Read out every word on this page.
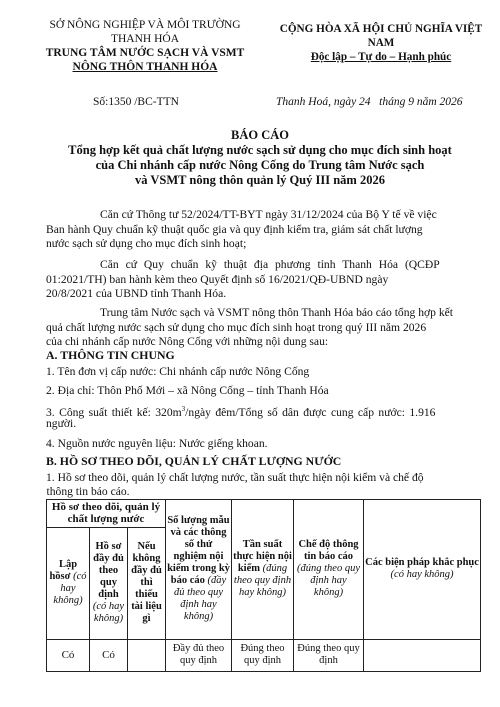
SỞ NÔNG NGHIỆP VÀ MÔI TRƯỜNG
THANH HÓA
TRUNG TÂM NƯỚC SẠCH VÀ VSMT
NÔNG THÔN THANH HÓA
Số:1350 /BC-TTN
CỘNG HÒA XÃ HỘI CHỦ NGHĨA VIỆT NAM
Độc lập – Tự do – Hạnh phúc
Thanh Hoá, ngày 24   tháng 9 năm 2026
BÁO CÁO
Tổng hợp kết quả chất lượng nước sạch sử dụng cho mục đích sinh hoạt
của Chi nhánh cấp nước Nông Cống do Trung tâm Nước sạch
và VSMT nông thôn quản lý Quý III năm 2026
Căn cứ Thông tư 52/2024/TT-BYT ngày 31/12/2024 của Bộ Y tế về việc
Ban hành Quy chuẩn kỹ thuật quốc gia và quy định kiểm tra, giám sát chất lượng
nước sạch sử dụng cho mục đích sinh hoạt;
Căn cứ Quy chuẩn kỹ thuật địa phương tỉnh Thanh Hóa (QCĐP
01:2021/TH) ban hành kèm theo Quyết định số 16/2021/QĐ-UBND ngày
20/8/2021 của UBND tỉnh Thanh Hóa.
Trung tâm Nước sạch và VSMT nông thôn Thanh Hóa báo cáo tổng hợp kết
quả chất lượng nước sạch sử dụng cho mục đích sinh hoạt trong quý III năm 2026
của chi nhánh cấp nước Nông Cống với những nội dung sau:
A. THÔNG TIN CHUNG
1. Tên đơn vị cấp nước: Chi nhánh cấp nước Nông Cống
2. Địa chỉ: Thôn Phố Mới – xã Nông Cống – tỉnh Thanh Hóa
3. Công suất thiết kế: $320m^3$/ngày đêm/Tổng số dân được cung cấp nước: 1.916
người.
4. Nguồn nước nguyên liệu: Nước giếng khoan.
B. HỒ SƠ THEO DÕI, QUẢN LÝ CHẤT LƯỢNG NƯỚC
1. Hồ sơ theo dõi, quản lý chất lượng nước, tần suất thực hiện nội kiểm và chế độ
thông tin báo cáo.						
Hồ sơ theo dõi, quản lý chất lượng nước			Số lượng mẫu và các thông số thử nghiệm nội kiểm trong kỳ báo cáo (đầy đủ theo quy định hay không)	Tần suất thực hiện nội kiểm (đúng theo quy định hay không)	Chế độ thông tin báo cáo (đúng theo quy định hay không)	Các biện pháp khắc phục (có hay không)
Lập hồsơ (có hay không)	Hồ sơ đầy đủ theo quy định (có hay không)	Nếu không đầy đủ thì thiếu tài liệu gì				
Có	Có		Đầy đủ theo quy định	Đúng theo quy định	Đúng theo quy định	
